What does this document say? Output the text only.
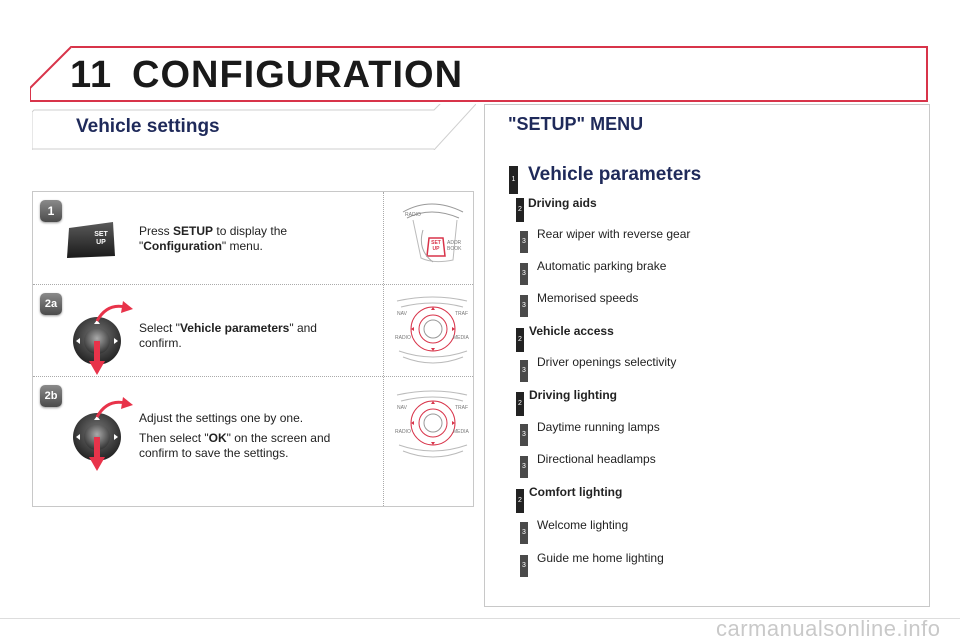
11 CONFIGURATION
Vehicle settings
1
SET
UP
Press SETUP to display the
"Configuration" menu.
RADIO
SET UP
ADDR BOOK
2a
Select "Vehicle parameters" and
confirm.
NAV	TRAF
RADIO	MEDIA
2b
Adjust the settings one by one.
Then select "OK" on the screen and
confirm to save the settings.
NAV	TRAF
RADIO	MEDIA
"SETUP" MENU
1 Vehicle parameters
2 Driving aids
3
Rear wiper with reverse gear
3
Automatic parking brake
3
Memorised speeds
2
Vehicle access
3
Driver openings selectivity
2
Driving lighting
3
Daytime running lamps
3
Directional headlamps
2
Comfort lighting
3
Welcome lighting
3
Guide me home lighting
carmanualsonline.info
